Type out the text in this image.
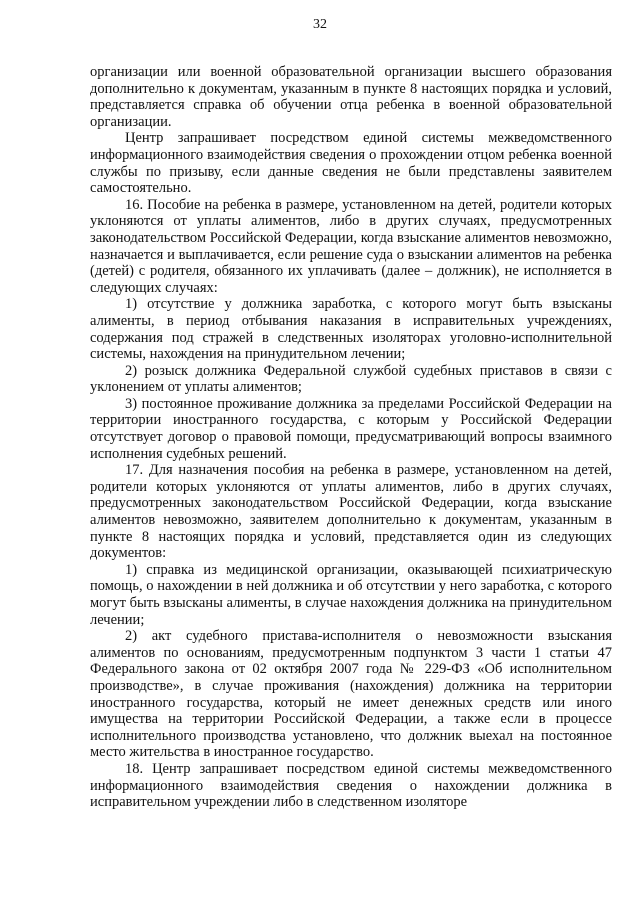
32

организации или военной образовательной организации высшего образования дополнительно к документам, указанным в пункте 8 настоящих порядка и условий, представляется справка об обучении отца ребенка в военной образовательной организации.

Центр запрашивает посредством единой системы межведомственного информационного взаимодействия сведения о прохождении отцом ребенка военной службы по призыву, если данные сведения не были представлены заявителем самостоятельно.

16. Пособие на ребенка в размере, установленном на детей, родители которых уклоняются от уплаты алиментов, либо в других случаях, предусмотренных законодательством Российской Федерации, когда взыскание алиментов невозможно, назначается и выплачивается, если решение суда о взыскании алиментов на ребенка (детей) с родителя, обязанного их уплачивать (далее – должник), не исполняется в следующих случаях:

1) отсутствие у должника заработка, с которого могут быть взысканы алименты, в период отбывания наказания в исправительных учреждениях, содержания под стражей в следственных изоляторах уголовно-исполнительной системы, нахождения на принудительном лечении;

2) розыск должника Федеральной службой судебных приставов в связи с уклонением от уплаты алиментов;

3) постоянное проживание должника за пределами Российской Федерации на территории иностранного государства, с которым у Российской Федерации отсутствует договор о правовой помощи, предусматривающий вопросы взаимного исполнения судебных решений.

17. Для назначения пособия на ребенка в размере, установленном на детей, родители которых уклоняются от уплаты алиментов, либо в других случаях, предусмотренных законодательством Российской Федерации, когда взыскание алиментов невозможно, заявителем дополнительно к документам, указанным в пункте 8 настоящих порядка и условий, представляется один из следующих документов:

1) справка из медицинской организации, оказывающей психиатрическую помощь, о нахождении в ней должника и об отсутствии у него заработка, с которого могут быть взысканы алименты, в случае нахождения должника на принудительном лечении;

2) акт судебного пристава-исполнителя о невозможности взыскания алиментов по основаниям, предусмотренным подпунктом 3 части 1 статьи 47 Федерального закона от 02 октября 2007 года № 229-ФЗ «Об исполнительном производстве», в случае проживания (нахождения) должника на территории иностранного государства, который не имеет денежных средств или иного имущества на территории Российской Федерации, а также если в процессе исполнительного производства установлено, что должник выехал на постоянное место жительства в иностранное государство.

18. Центр запрашивает посредством единой системы межведомственного информационного взаимодействия сведения о нахождении должника в исправительном учреждении либо в следственном изоляторе
